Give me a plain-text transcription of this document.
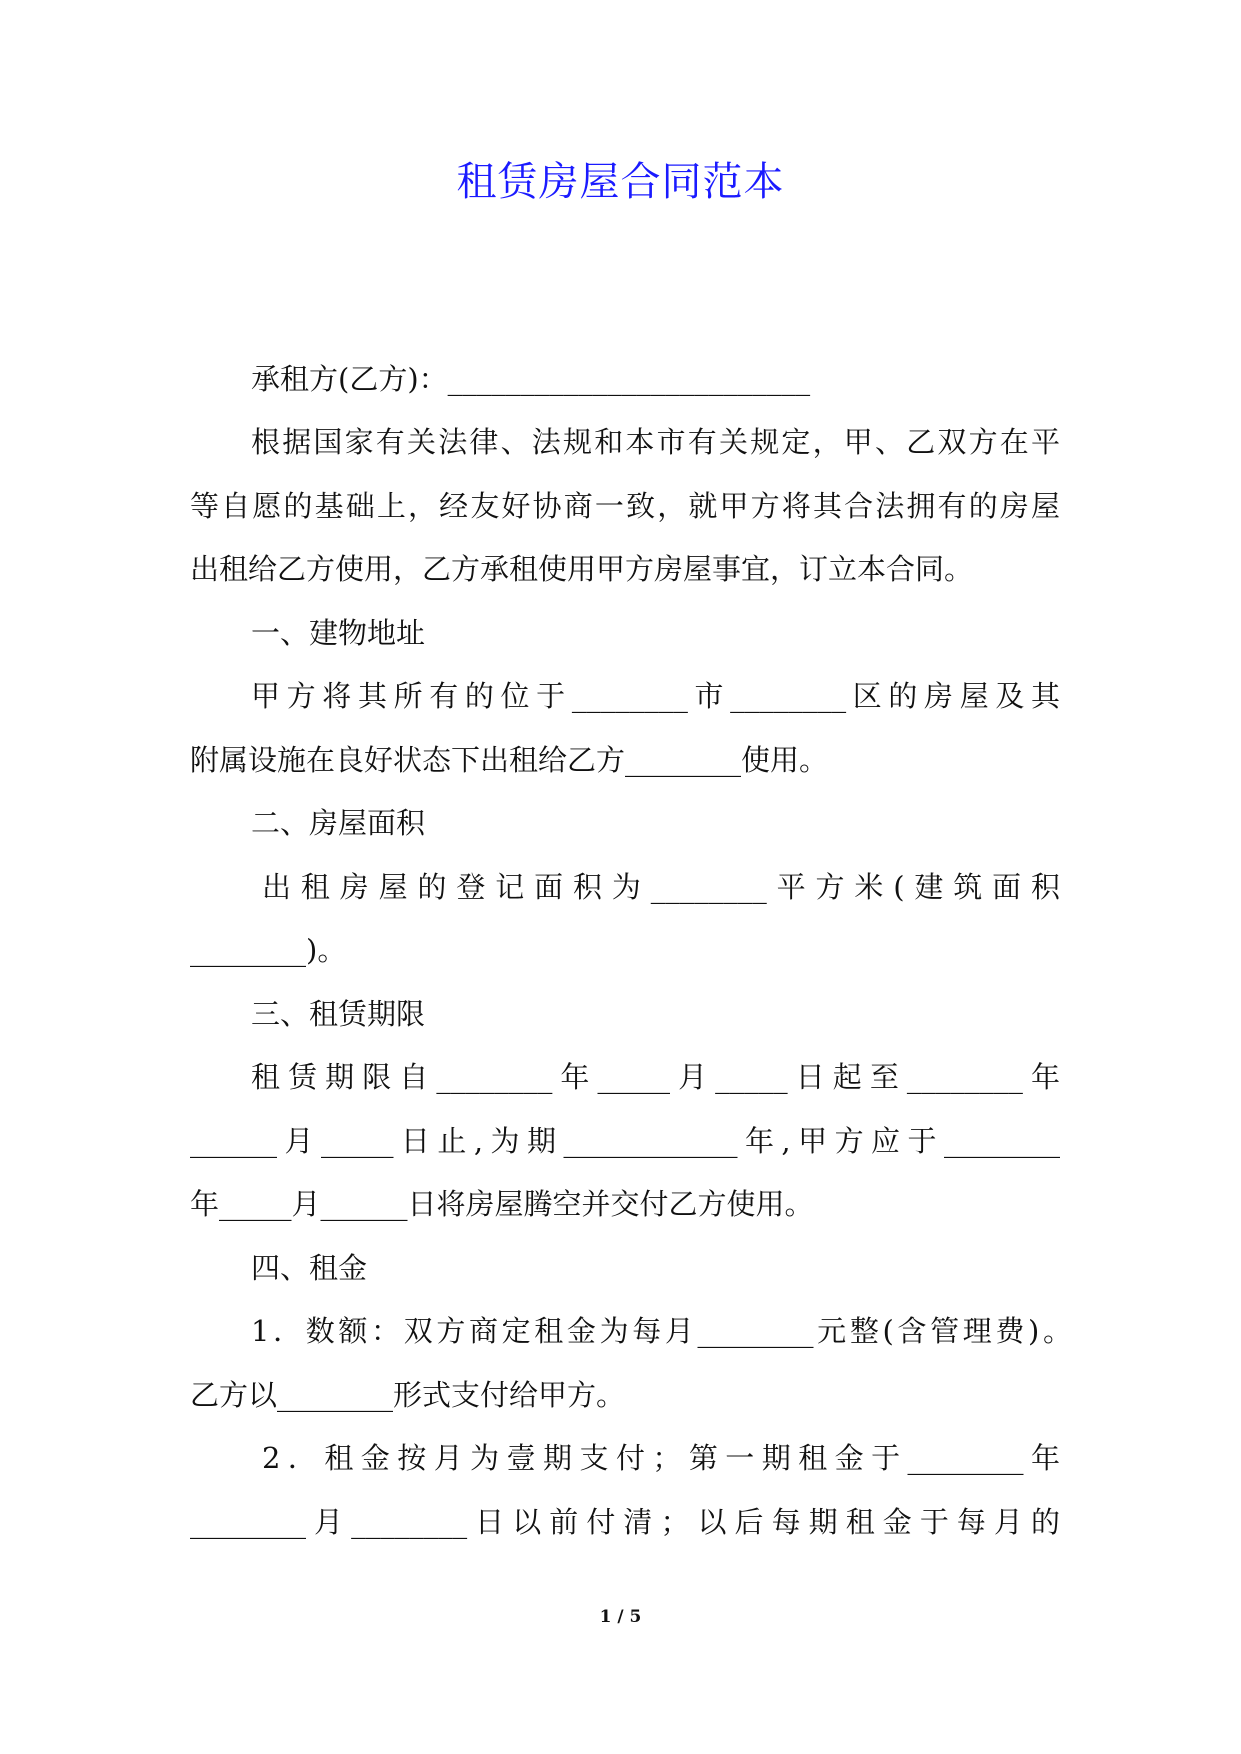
租赁房屋合同范本
承租方(乙方)：_________________________
根据国家有关法律、法规和本市有关规定，甲、乙双方在平
等自愿的基础上，经友好协商一致，就甲方将其合法拥有的房屋
出租给乙方使用，乙方承租使用甲方房屋事宜，订立本合同。
一、建物地址
甲方将其所有的位于________市________区的房屋及其
附属设施在良好状态下出租给乙方________使用。
二、房屋面积
出租房屋的登记面积为________平方米(建筑面积
________)。
三、租赁期限
租赁期限自________年_____月_____日起至________年
______月_____日止,为期____________年,甲方应于________
年_____月______日将房屋腾空并交付乙方使用。
四、租金
1．数额：双方商定租金为每月________元整(含管理费)。
乙方以________形式支付给甲方。
2．租金按月为壹期支付；第一期租金于________年
________月________日以前付清；以后每期租金于每月的
1 / 5
